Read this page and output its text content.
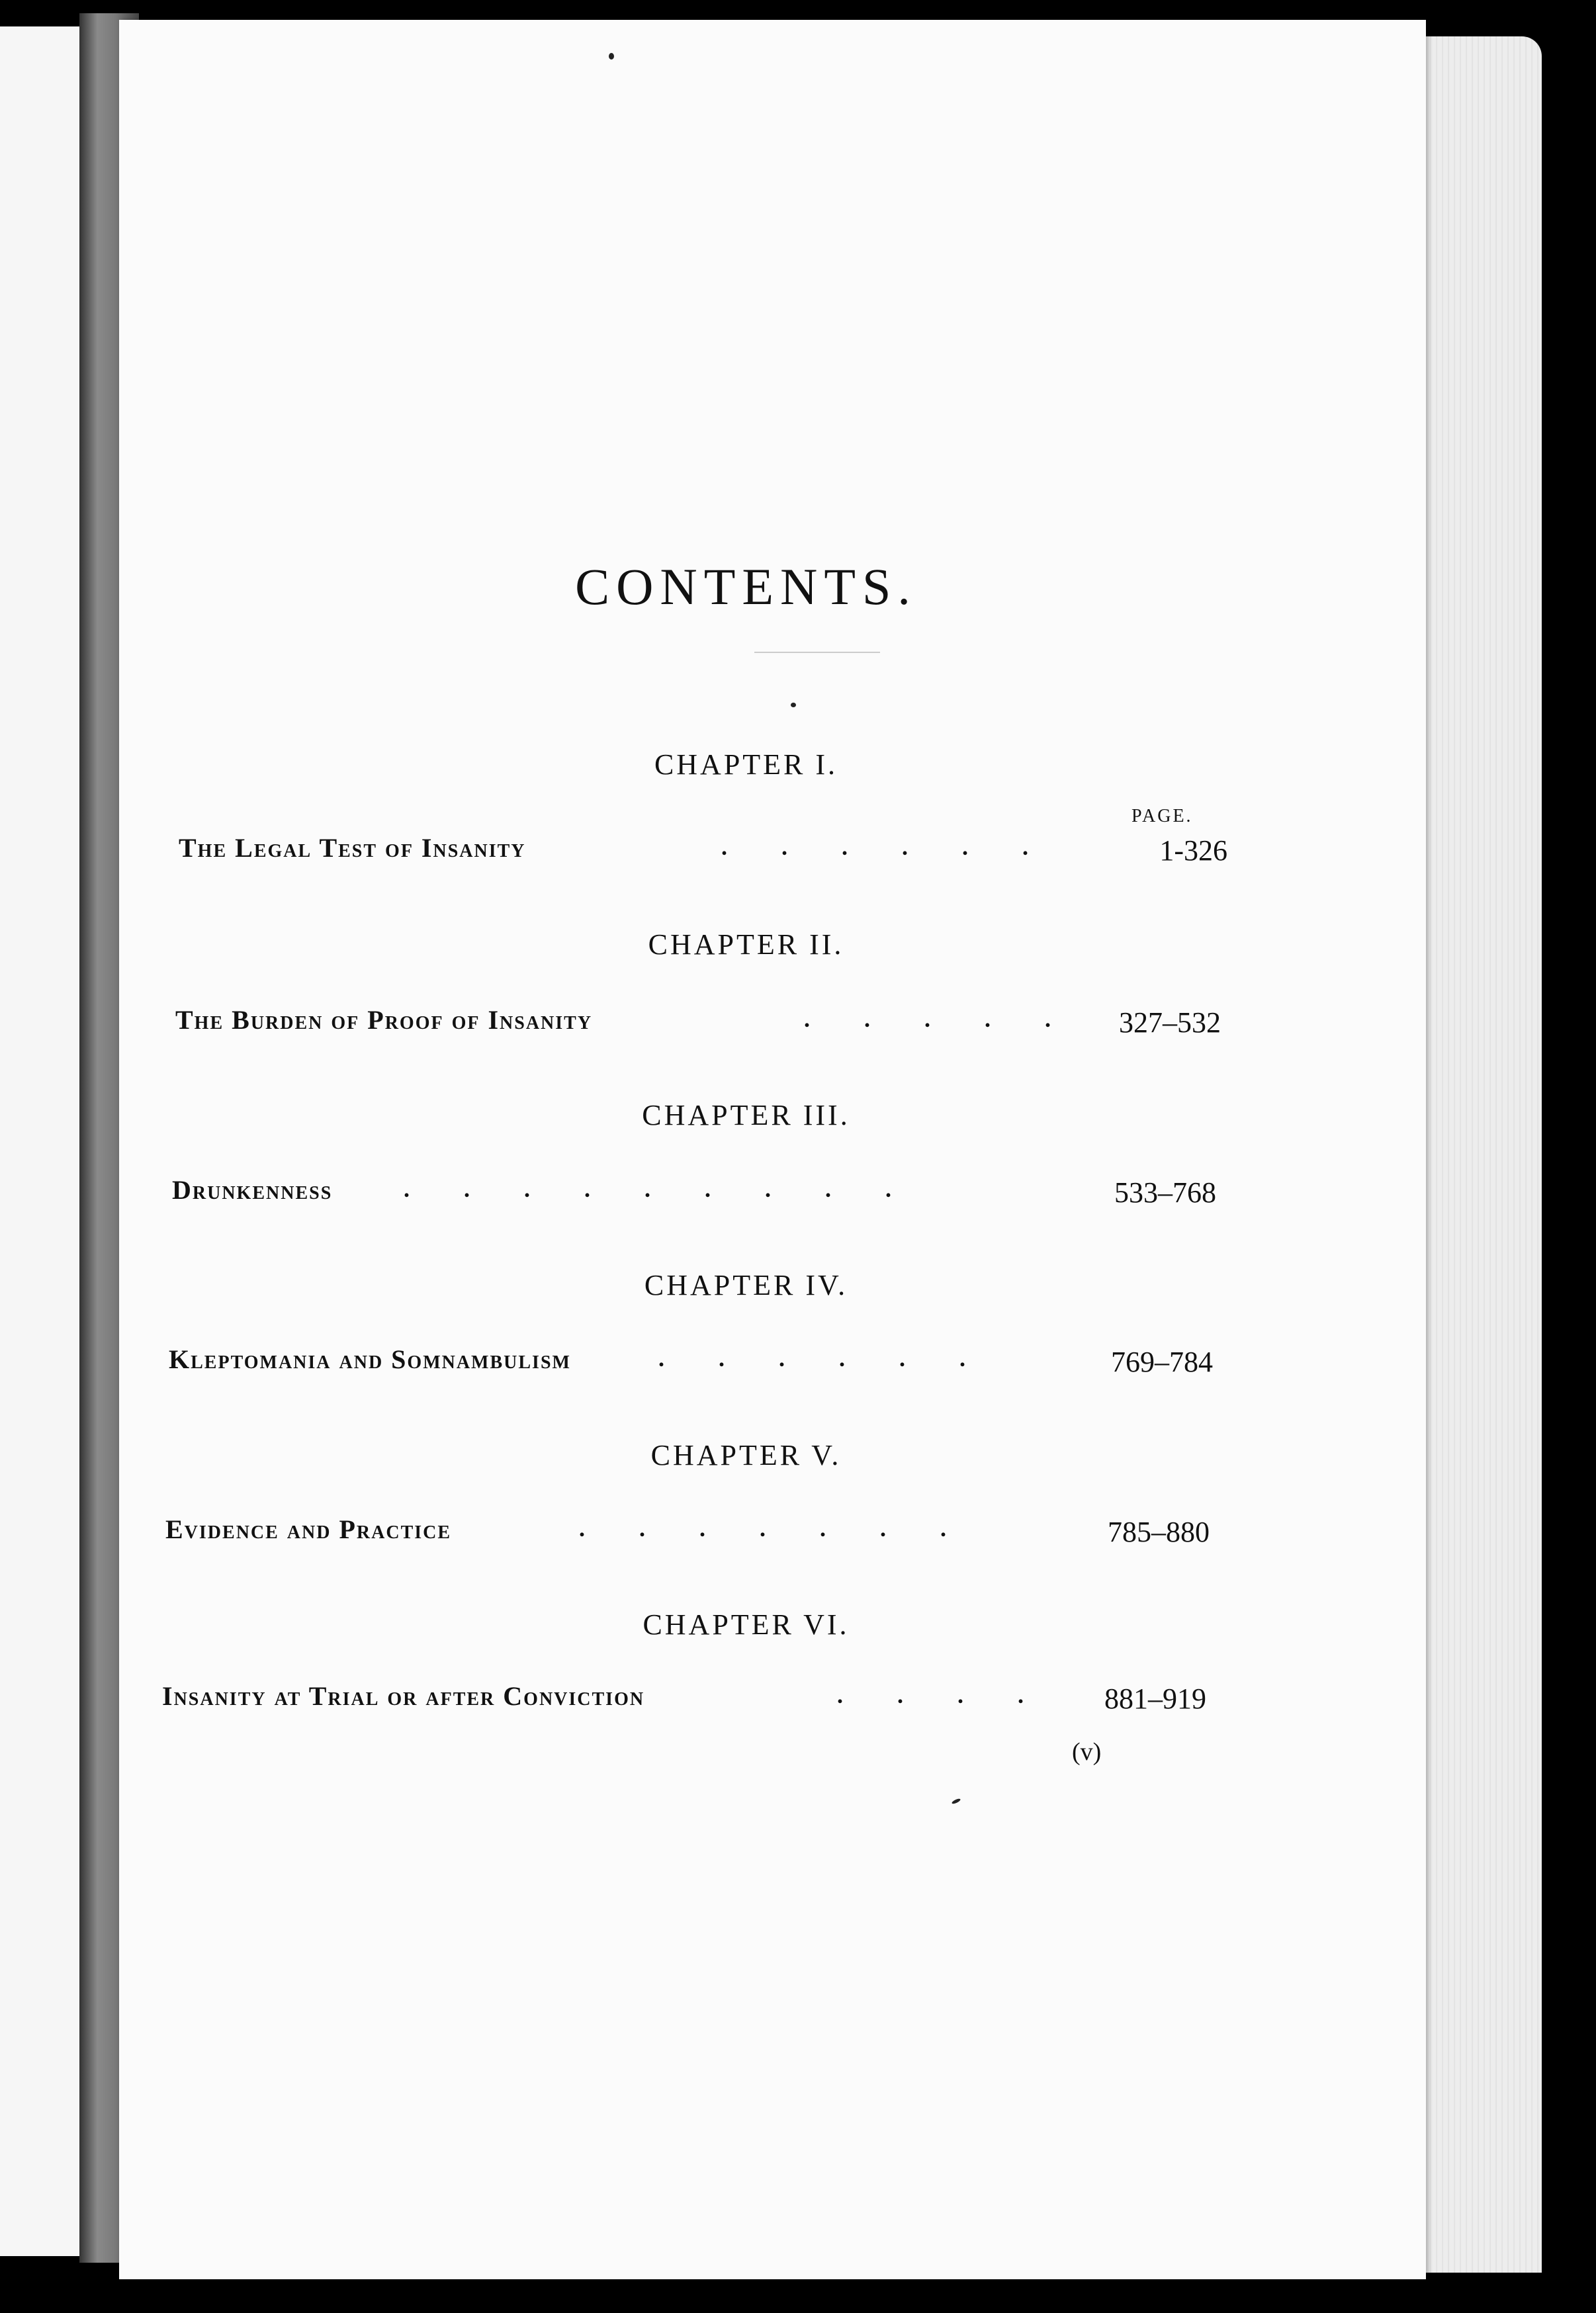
CONTENTS.
PAGE.
CHAPTER I.
The Legal Test of Insanity	......	1-326
CHAPTER II.
The Burden of Proof of Insanity	..... 327–532
CHAPTER III.
Drunkenness	.........	533–768
CHAPTER IV.
Kleptomania and Somnambulism	......	769–784
CHAPTER V.
Evidence and Practice	.......	785–880
CHAPTER VI.
Insanity at Trial or after Conviction	.... 881–919
(v)
